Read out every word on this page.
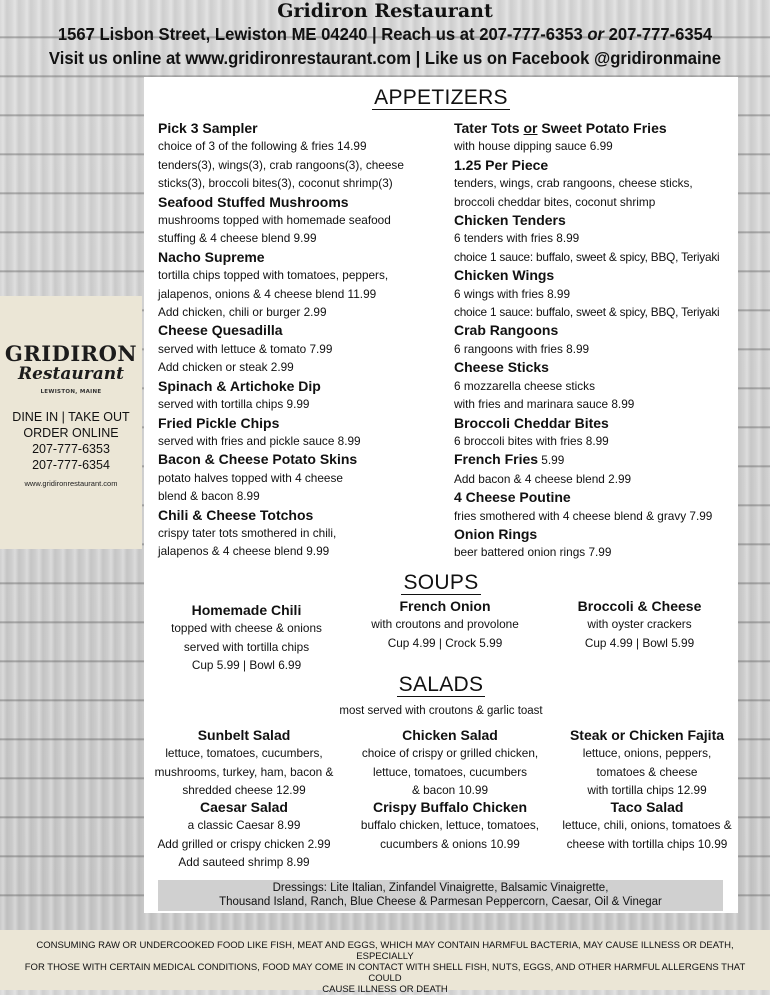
Gridiron Restaurant
1567 Lisbon Street, Lewiston ME 04240 | Reach us at 207-777-6353 or 207-777-6354
Visit us online at www.gridironrestaurant.com | Like us on Facebook @gridironmaine
GRIDIRON
Restaurant
LEWISTON, MAINE
DINE IN | TAKE OUT
ORDER ONLINE
207-777-6353
207-777-6354
www.gridironrestaurant.com
APPETIZERS
Pick 3 Sampler
choice of 3 of the following & fries 14.99
tenders(3), wings(3), crab rangoons(3), cheese
sticks(3), broccoli bites(3), coconut shrimp(3)
Seafood Stuffed Mushrooms
mushrooms topped with homemade seafood
stuffing & 4 cheese blend 9.99
Nacho Supreme
tortilla chips topped with tomatoes, peppers,
jalapenos, onions & 4 cheese blend 11.99
Add chicken, chili or burger 2.99
Cheese Quesadilla
served with lettuce & tomato 7.99
Add chicken or steak 2.99
Spinach & Artichoke Dip
served with tortilla chips 9.99
Fried Pickle Chips
served with fries and pickle sauce 8.99
Bacon & Cheese Potato Skins
potato halves topped with 4 cheese
blend & bacon 8.99
Chili & Cheese Totchos
crispy tater tots smothered in chili,
jalapenos & 4 cheese blend 9.99
Tater Tots or Sweet Potato Fries
with house dipping sauce 6.99
1.25 Per Piece
tenders, wings, crab rangoons, cheese sticks,
broccoli cheddar bites, coconut shrimp
Chicken Tenders
6 tenders with fries 8.99
choice 1 sauce: buffalo, sweet & spicy, BBQ, Teriyaki
Chicken Wings
6 wings with fries 8.99
choice 1 sauce: buffalo, sweet & spicy, BBQ, Teriyaki
Crab Rangoons
6 rangoons with fries 8.99
Cheese Sticks
6 mozzarella cheese sticks
with fries and marinara sauce 8.99
Broccoli Cheddar Bites
6 broccoli bites with fries 8.99
French Fries 5.99
Add bacon & 4 cheese blend 2.99
4 Cheese Poutine
fries smothered with 4 cheese blend & gravy 7.99
Onion Rings
beer battered onion rings 7.99
SOUPS
Homemade Chili
topped with cheese & onions
served with tortilla chips
Cup 5.99 | Bowl 6.99
French Onion
with croutons and provolone
Cup 4.99 | Crock 5.99
Broccoli & Cheese
with oyster crackers
Cup 4.99 | Bowl 5.99
SALADS
most served with croutons & garlic toast
Sunbelt Salad
lettuce, tomatoes, cucumbers,
mushrooms, turkey, ham, bacon &
shredded cheese 12.99
Chicken Salad
choice of crispy or grilled chicken,
lettuce, tomatoes, cucumbers
& bacon 10.99
Steak or Chicken Fajita
lettuce, onions, peppers,
tomatoes & cheese
with tortilla chips 12.99
Caesar Salad
a classic Caesar 8.99
Add grilled or crispy chicken 2.99
Add sauteed shrimp 8.99
Crispy Buffalo Chicken
buffalo chicken, lettuce, tomatoes,
cucumbers & onions 10.99
Taco Salad
lettuce, chili, onions, tomatoes &
cheese with tortilla chips 10.99
Dressings: Lite Italian, Zinfandel Vinaigrette, Balsamic Vinaigrette,
Thousand Island, Ranch, Blue Cheese & Parmesan Peppercorn, Caesar, Oil & Vinegar
CONSUMING RAW OR UNDERCOOKED FOOD LIKE FISH, MEAT AND EGGS, WHICH MAY CONTAIN HARMFUL BACTERIA, MAY CAUSE ILLNESS OR DEATH, ESPECIALLY
FOR THOSE WITH CERTAIN MEDICAL CONDITIONS, FOOD MAY COME IN CONTACT WITH SHELL FISH, NUTS, EGGS, AND OTHER HARMFUL ALLERGENS THAT COULD
CAUSE ILLNESS OR DEATH
